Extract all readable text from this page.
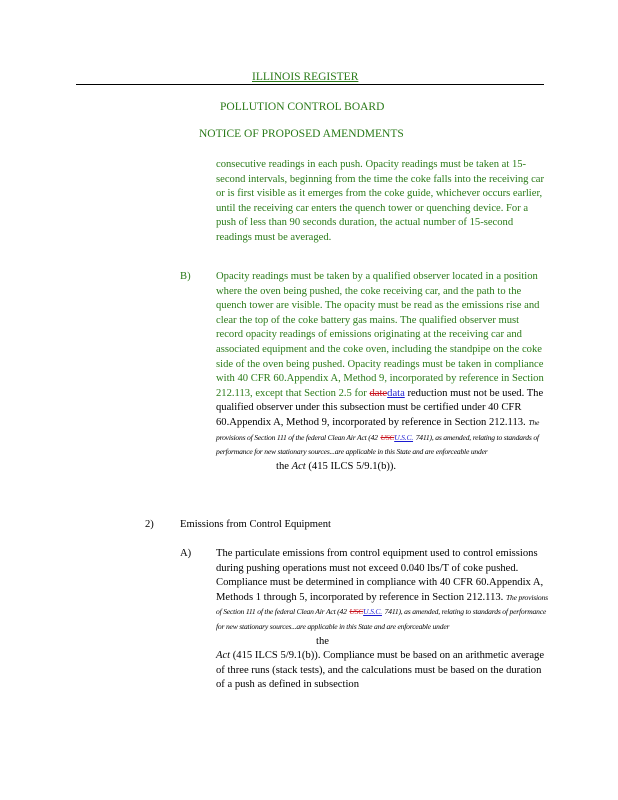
ILLINOIS REGISTER
POLLUTION CONTROL BOARD
NOTICE OF PROPOSED AMENDMENTS
consecutive readings in each push. Opacity readings must be taken at 15-second intervals, beginning from the time the coke falls into the receiving car or is first visible as it emerges from the coke guide, whichever occurs earlier, until the receiving car enters the quench tower or quenching device. For a push of less than 90 seconds duration, the actual number of 15-second readings must be averaged.
B) Opacity readings must be taken by a qualified observer located in a position where the oven being pushed, the coke receiving car, and the path to the quench tower are visible. The opacity must be read as the emissions rise and clear the top of the coke battery gas mains. The qualified observer must record opacity readings of emissions originating at the receiving car and associated equipment and the coke oven, including the standpipe on the coke side of the oven being pushed. Opacity readings must be taken in compliance with 40 CFR 60.Appendix A, Method 9, incorporated by reference in Section 212.113, except that Section 2.5 for datedata reduction must not be used. The qualified observer under this subsection must be certified under 40 CFR 60.Appendix A, Method 9, incorporated by reference in Section 212.113. The provisions of Section 111 of the federal Clean Air Act (42 USCU.S.C. 7411), as amended, relating to standards of performance for new stationary sources...are applicable in this State and are enforceable under the Act (415 ILCS 5/9.1(b)).
2) Emissions from Control Equipment
A) The particulate emissions from control equipment used to control emissions during pushing operations must not exceed 0.040 lbs/T of coke pushed. Compliance must be determined in compliance with 40 CFR 60.Appendix A, Methods 1 through 5, incorporated by reference in Section 212.113. The provisions of Section 111 of the federal Clean Air Act (42 USCU.S.C. 7411), as amended, relating to standards of performance for new stationary sources...are applicable in this State and are enforceable under the
Act (415 ILCS 5/9.1(b)). Compliance must be based on an arithmetic average of three runs (stack tests), and the calculations must be based on the duration of a push as defined in subsection
